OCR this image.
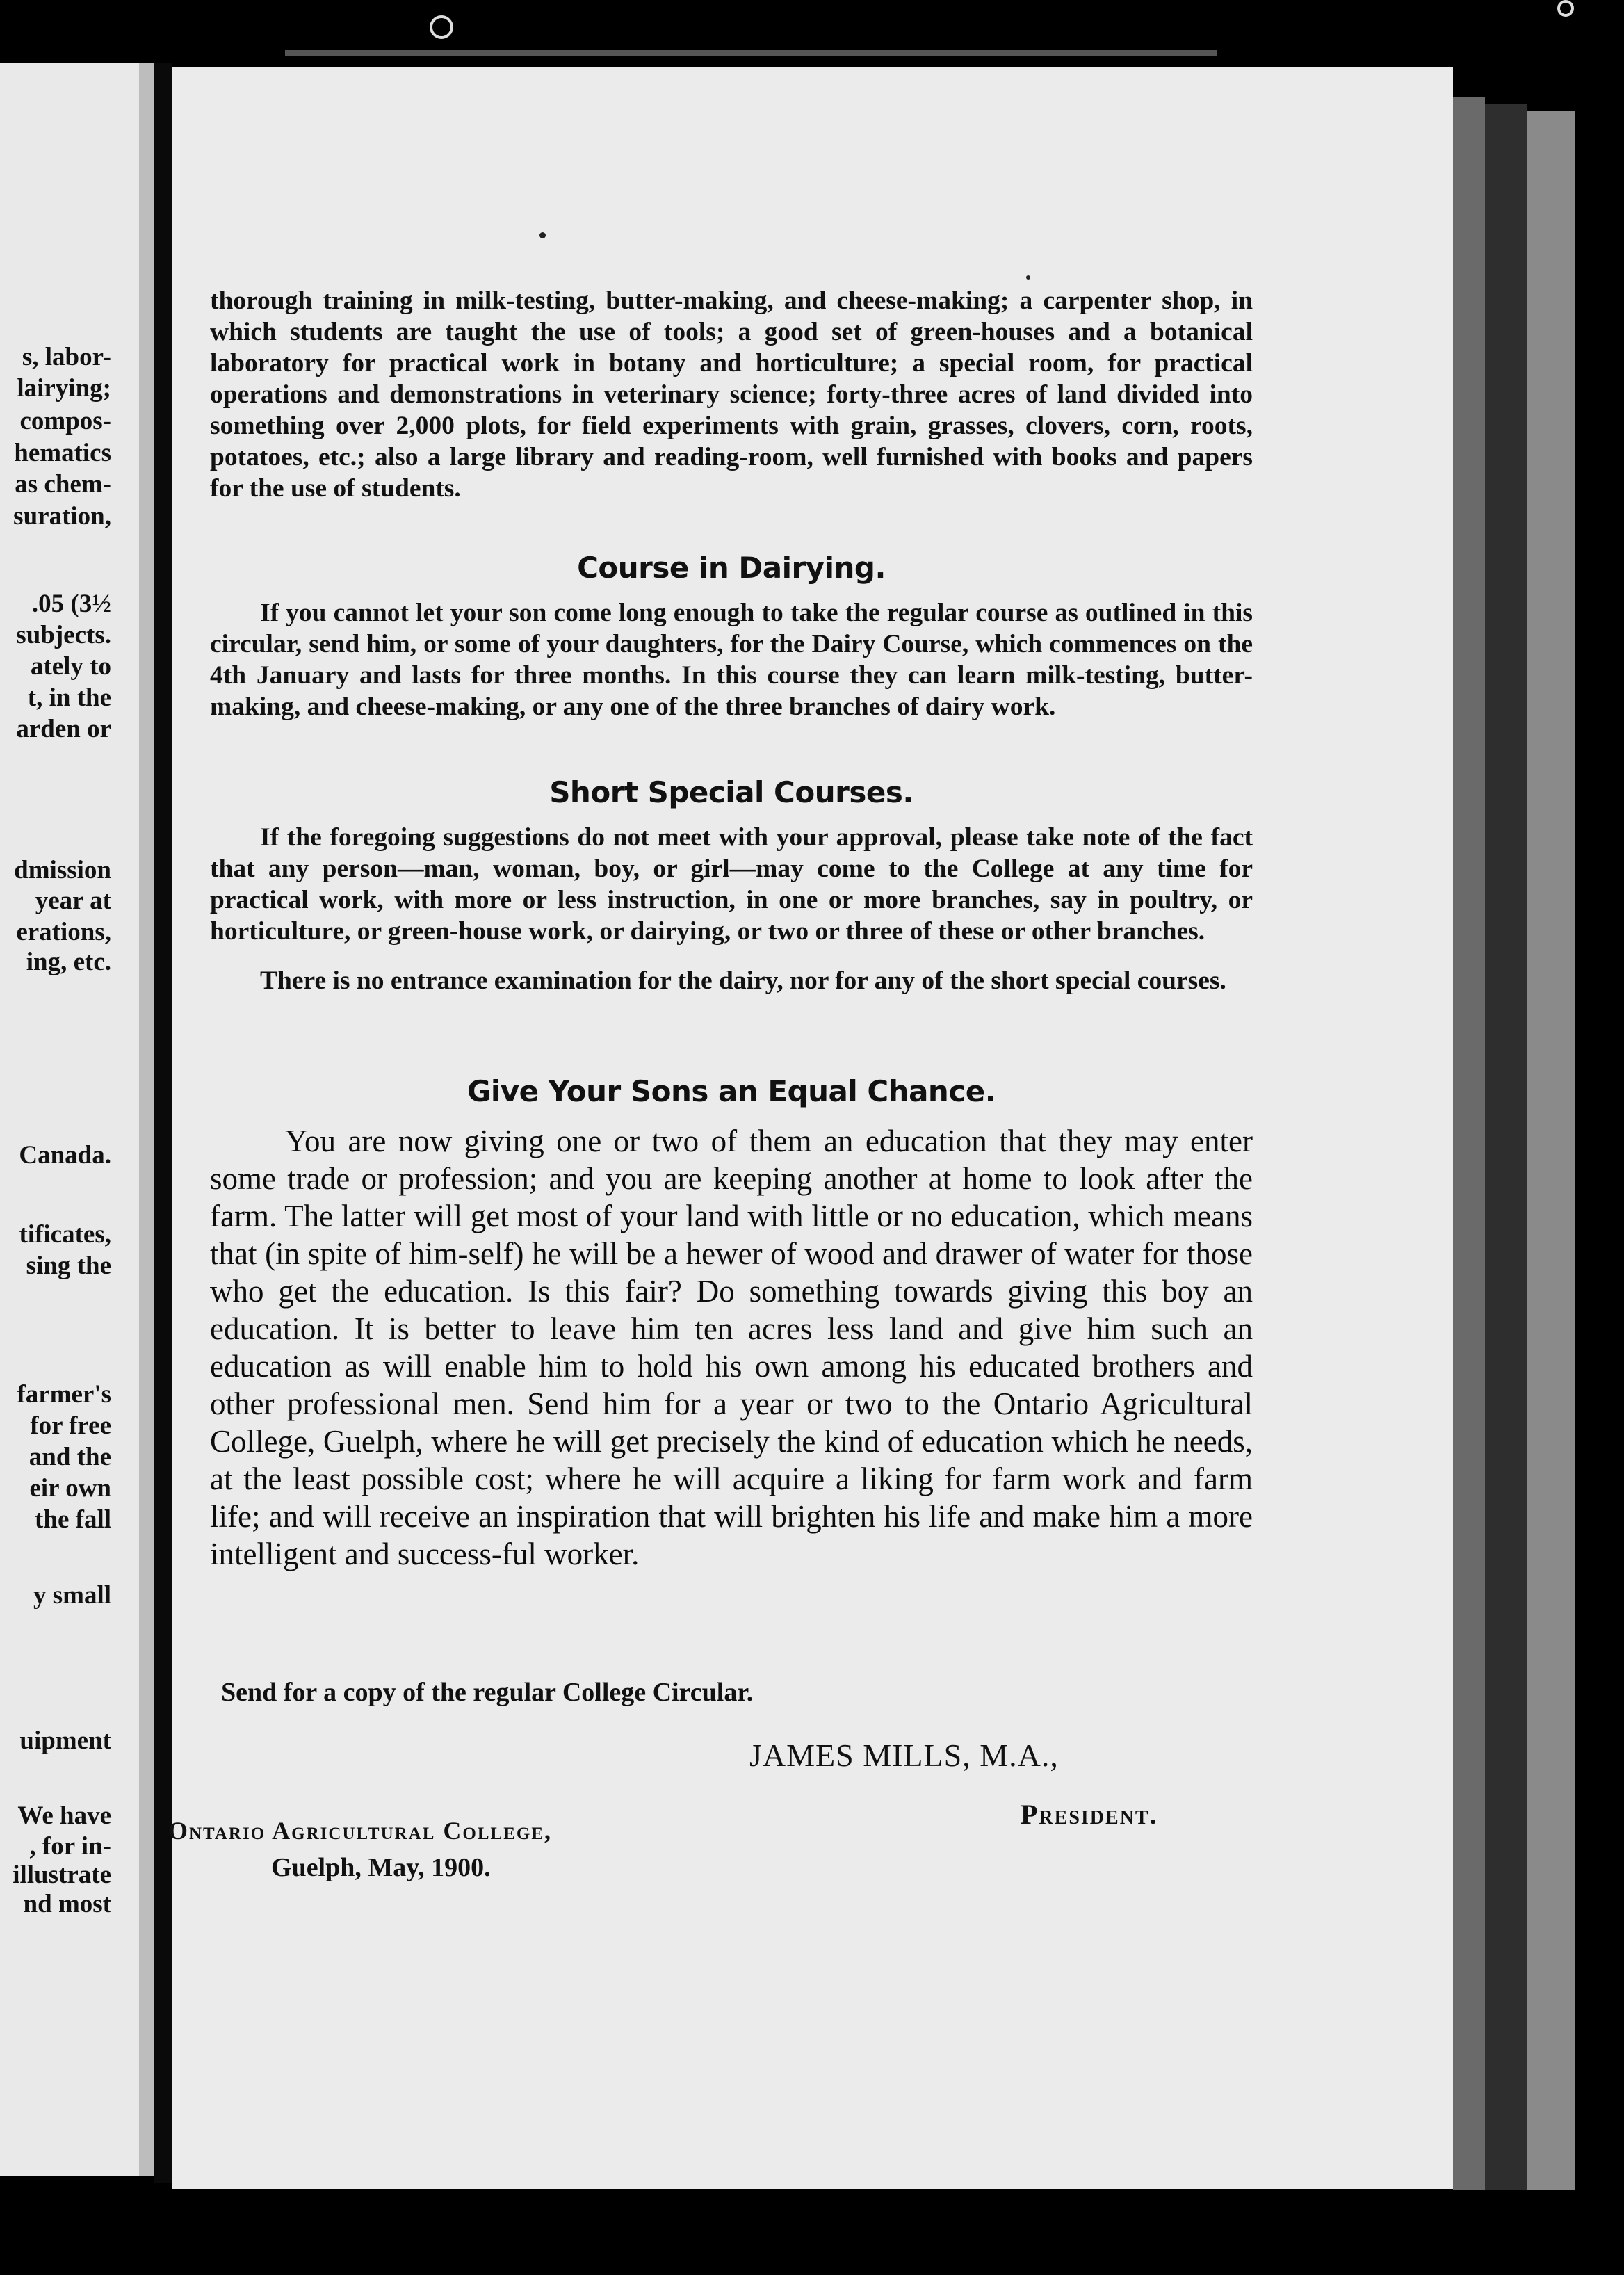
s, labor-
lairying;
compos-
hematics
as chem-
suration,
.05 (3½
subjects.
ately to
t, in the
arden or
dmission
year at
erations,
ing, etc.
Canada.
tificates,
sing the
farmer's
for free
and the
eir own
the fall
y small
uipment
We have
, for in-
illustrate
nd most

thorough training in milk-testing, butter-making, and cheese-making; a carpenter shop, in which students are taught the use of tools; a good set of green-houses and a botanical laboratory for practical work in botany and horticulture; a special room, for practical operations and demonstrations in veterinary science; forty-three acres of land divided into something over 2,000 plots, for field experiments with grain, grasses, clovers, corn, roots, potatoes, etc.; also a large library and reading-room, well furnished with books and papers for the use of students.

Course in Dairying.

If you cannot let your son come long enough to take the regular course as outlined in this circular, send him, or some of your daughters, for the Dairy Course, which commences on the 4th January and lasts for three months. In this course they can learn milk-testing, butter-making, and cheese-making, or any one of the three branches of dairy work.

Short Special Courses.

If the foregoing suggestions do not meet with your approval, please take note of the fact that any person—man, woman, boy, or girl—may come to the College at any time for practical work, with more or less instruction, in one or more branches, say in poultry, or horticulture, or green-house work, or dairying, or two or three of these or other branches.

There is no entrance examination for the dairy, nor for any of the short special courses.

Give Your Sons an Equal Chance.

You are now giving one or two of them an education that they may enter some trade or profession; and you are keeping another at home to look after the farm. The latter will get most of your land with little or no education, which means that (in spite of him-self) he will be a hewer of wood and drawer of water for those who get the education. Is this fair? Do something towards giving this boy an education. It is better to leave him ten acres less land and give him such an education as will enable him to hold his own among his educated brothers and other professional men. Send him for a year or two to the Ontario Agricultural College, Guelph, where he will get precisely the kind of education which he needs, at the least possible cost; where he will acquire a liking for farm work and farm life; and will receive an inspiration that will brighten his life and make him a more intelligent and success-ful worker.

Send for a copy of the regular College Circular.
JAMES MILLS, M.A.,
President.
Ontario Agricultural College,
Guelph, May, 1900.
